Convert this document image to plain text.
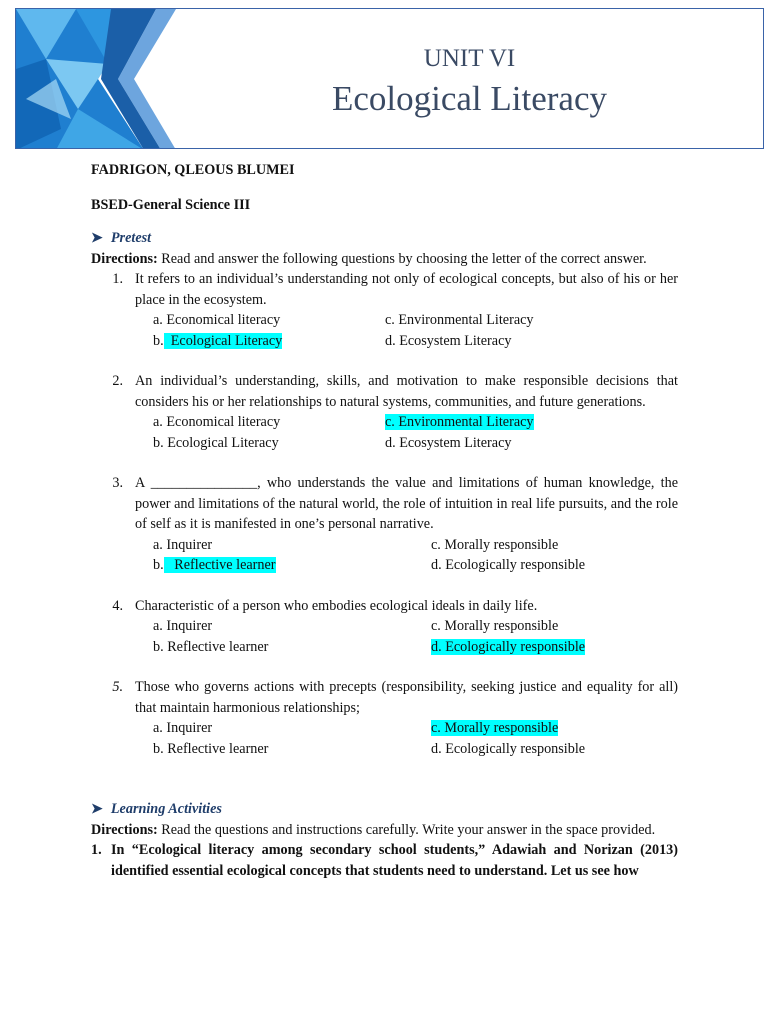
UNIT VI
Ecological Literacy
FADRIGON, QLEOUS BLUMEI
BSED-General Science III
➤ Pretest
Directions: Read and answer the following questions by choosing the letter of the correct answer.
1. It refers to an individual’s understanding not only of ecological concepts, but also of his or her place in the ecosystem.
a. Economical literacy
b. Ecological Literacy
c. Environmental Literacy
d. Ecosystem Literacy
2. An individual’s understanding, skills, and motivation to make responsible decisions that considers his or her relationships to natural systems, communities, and future generations.
a. Economical literacy
b. Ecological Literacy
c. Environmental Literacy
d. Ecosystem Literacy
3. A _______________, who understands the value and limitations of human knowledge, the power and limitations of the natural world, the role of intuition in real life pursuits, and the role of self as it is manifested in one’s personal narrative.
a. Inquirer
b. Reflective learner
c. Morally responsible
d. Ecologically responsible
4. Characteristic of a person who embodies ecological ideals in daily life.
a. Inquirer
b. Reflective learner
c. Morally responsible
d. Ecologically responsible
5. Those who governs actions with precepts (responsibility, seeking justice and equality for all) that maintain harmonious relationships;
a. Inquirer
b. Reflective learner
c. Morally responsible
d. Ecologically responsible
➤ Learning Activities
Directions: Read the questions and instructions carefully. Write your answer in the space provided.
1. In “Ecological literacy among secondary school students,” Adawiah and Norizan (2013) identified essential ecological concepts that students need to understand. Let us see how
